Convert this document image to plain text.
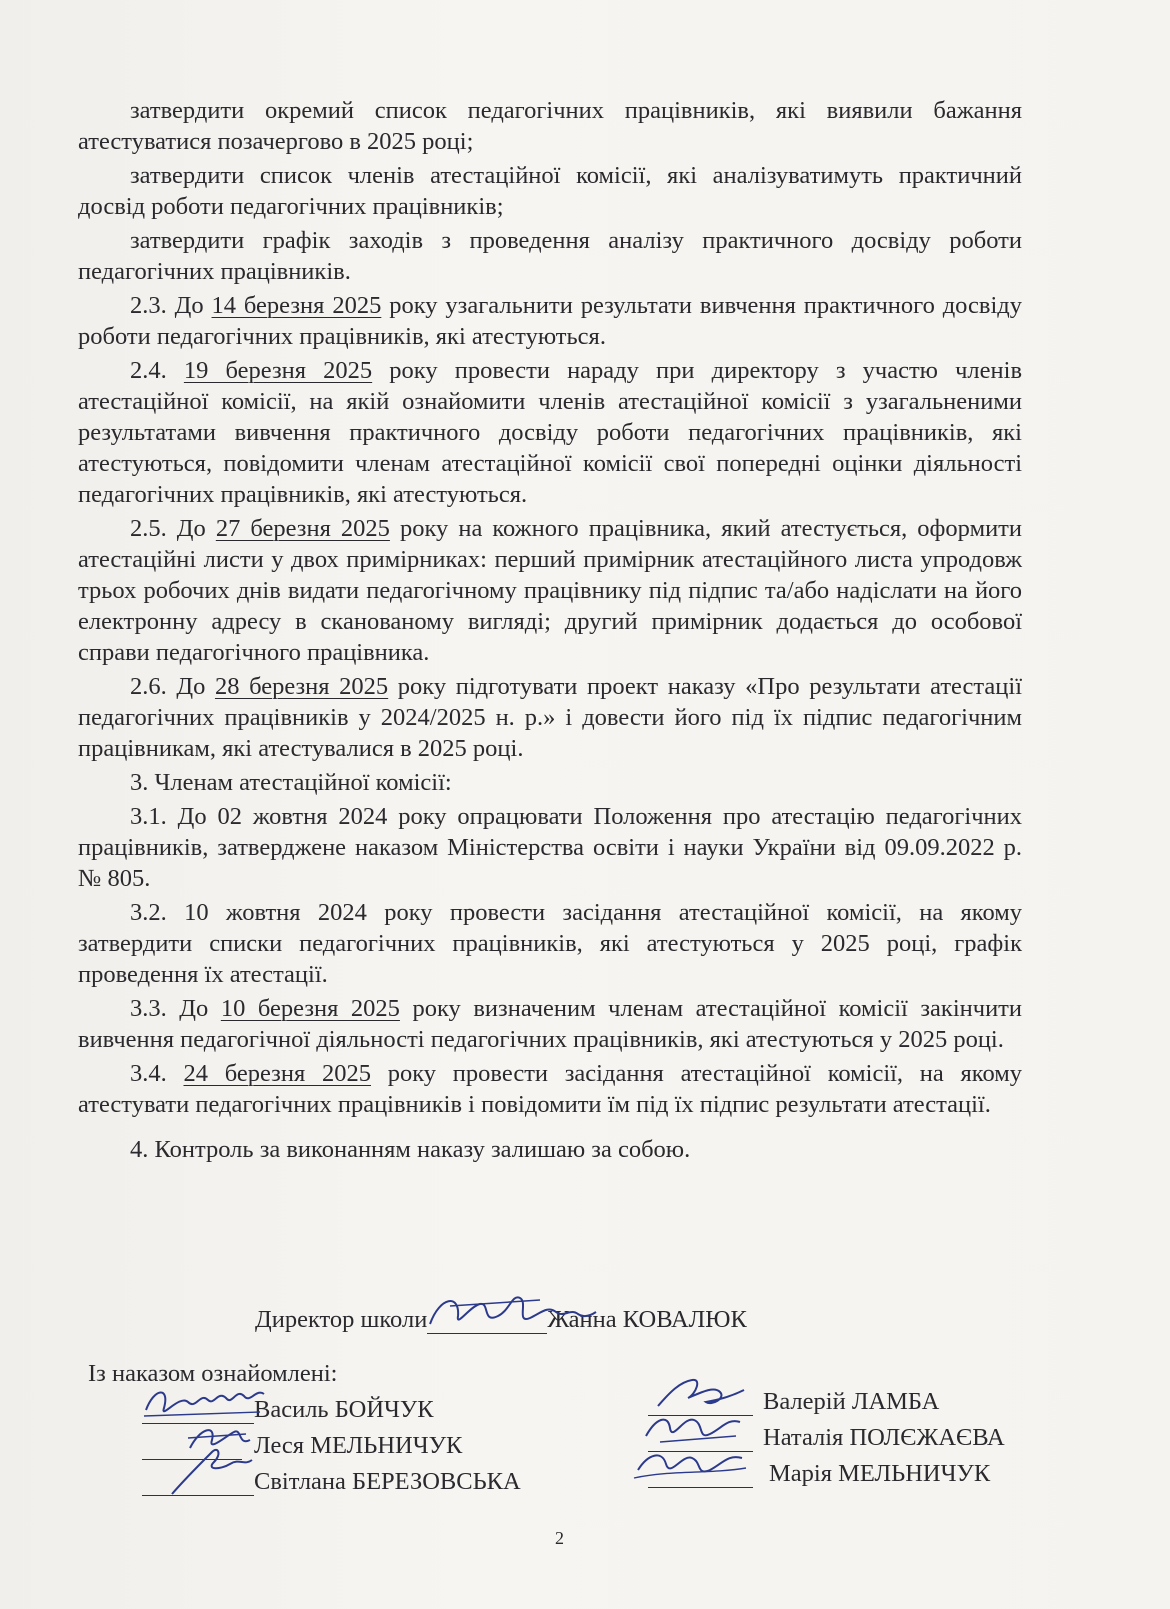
затвердити окремий список педагогічних працівників, які виявили бажання атестуватися позачергово в 2025 році;

затвердити список членів атестаційної комісії, які аналізуватимуть практичний досвід роботи педагогічних працівників;

затвердити графік заходів з проведення аналізу практичного досвіду роботи педагогічних працівників.

2.3. До 14 березня 2025 року узагальнити результати вивчення практичного досвіду роботи педагогічних працівників, які атестуються.

2.4. 19 березня 2025 року провести нараду при директору з участю членів атестаційної комісії, на якій ознайомити членів атестаційної комісії з узагальненими результатами вивчення практичного досвіду роботи педагогічних працівників, які атестуються, повідомити членам атестаційної комісії свої попередні оцінки діяльності педагогічних працівників, які атестуються.

2.5. До 27 березня 2025 року на кожного працівника, який атестується, оформити атестаційні листи у двох примірниках: перший примірник атестаційного листа упродовж трьох робочих днів видати педагогічному працівнику під підпис та/або надіслати на його електронну адресу в сканованому вигляді; другий примірник додається до особової справи педагогічного працівника.

2.6. До 28 березня 2025 року підготувати проект наказу «Про результати атестації педагогічних працівників у 2024/2025 н. р.» і довести його під їх підпис педагогічним працівникам, які атестувалися в 2025 році.

3. Членам атестаційної комісії:

3.1. До 02 жовтня 2024 року опрацювати Положення про атестацію педагогічних працівників, затверджене наказом Міністерства освіти і науки України від 09.09.2022 р. № 805.

3.2. 10 жовтня 2024 року провести засідання атестаційної комісії, на якому затвердити списки педагогічних працівників, які атестуються у 2025 році, графік проведення їх атестації.

3.3. До 10 березня 2025 року визначеним членам атестаційної комісії закінчити вивчення педагогічної діяльності педагогічних працівників, які атестуються у 2025 році.

3.4. 24 березня 2025 року провести засідання атестаційної комісії, на якому атестувати педагогічних працівників і повідомити їм під їх підпис результати атестації.

4. Контроль за виконанням наказу залишаю за собою.

Директор школи	Жанна КОВАЛЮК
Із наказом ознайомлені:
Василь БОЙЧУК
Леся МЕЛЬНИЧУК
Світлана БЕРЕЗОВСЬКА
Валерій ЛАМБА
Наталія ПОЛЄЖАЄВА
Марія МЕЛЬНИЧУК
2
